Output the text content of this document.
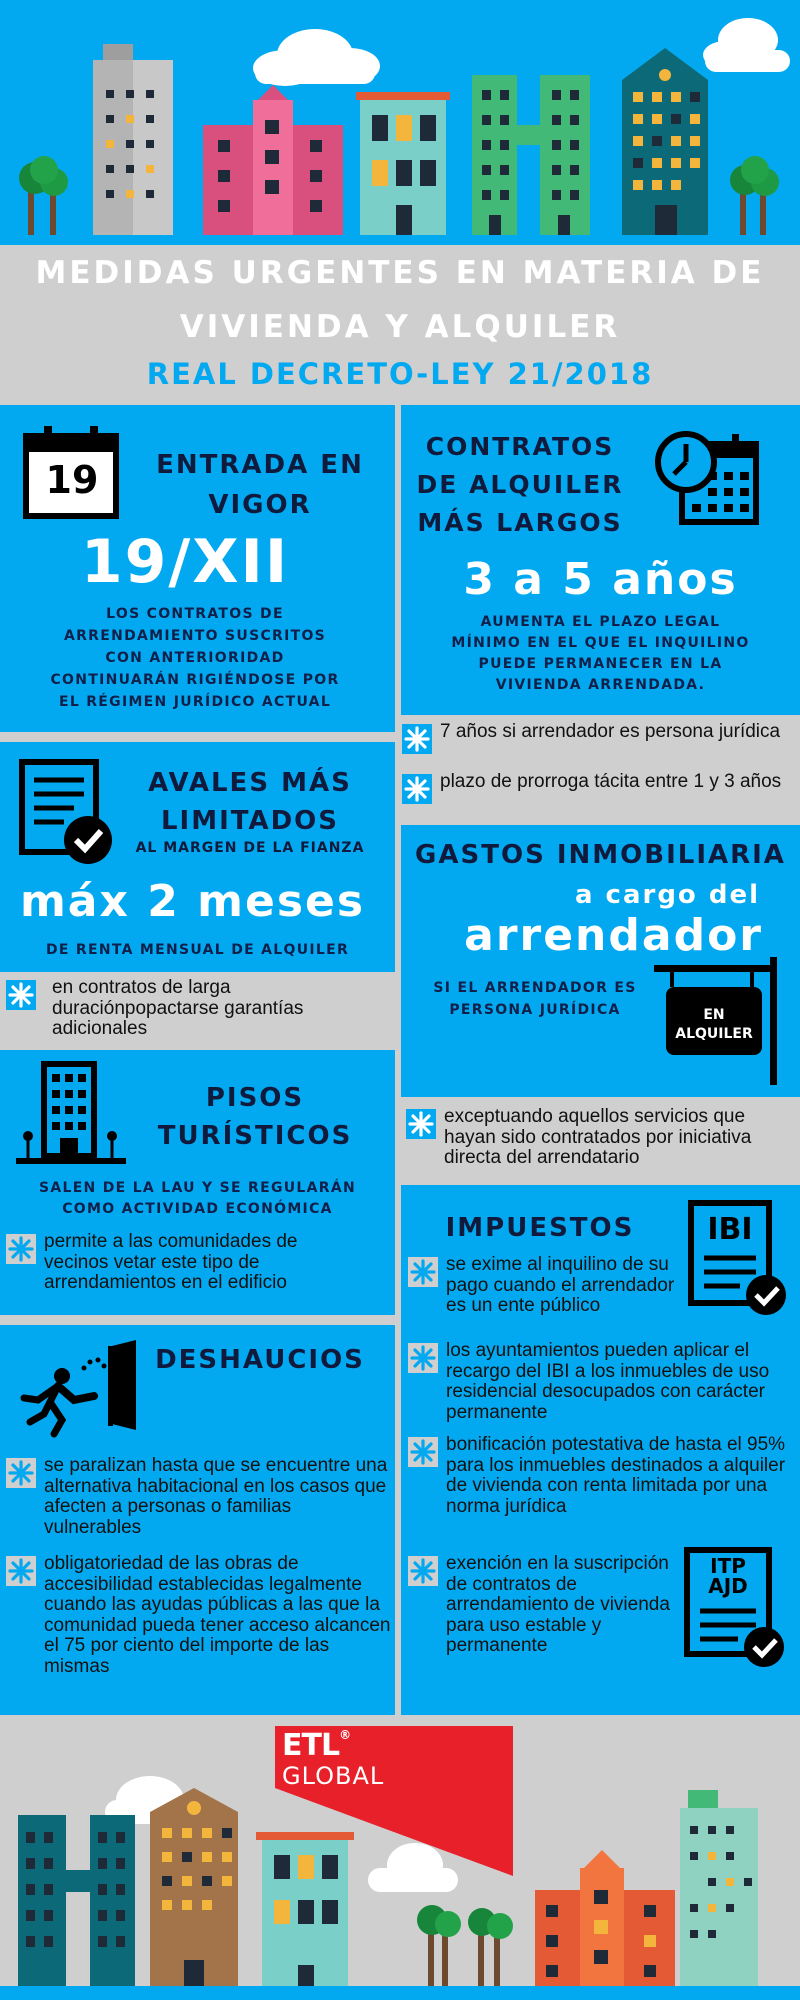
MEDIDAS URGENTES EN MATERIA DE
VIVIENDA Y ALQUILER
REAL DECRETO-LEY 21/2018
19	ENTRADA EN
VIGOR
19/XII
LOS CONTRATOS DE
ARRENDAMIENTO SUSCRITOS
CON ANTERIORIDAD
CONTINUARÁN RIGIÉNDOSE POR
EL RÉGIMEN JURÍDICO ACTUAL
CONTRATOS
DE ALQUILER
MÁS LARGOS
3 a 5 años
AUMENTA EL PLAZO LEGAL
MÍNIMO EN EL QUE EL INQUILINO
PUEDE PERMANECER EN LA
VIVIENDA ARRENDADA.
7 años si arrendador es persona jurídica
plazo de prorroga tácita entre 1 y 3 años
AVALES MÁS
LIMITADOS
AL MARGEN DE LA FIANZA
máx 2 meses
DE RENTA MENSUAL DE ALQUILER
en contratos de larga duraciónpopactarse garantías adicionales
GASTOS INMOBILIARIA
a cargo del
arrendador
SI EL ARRENDADOR ES
PERSONA JURÍDICA	EN
ALQUILER
exceptuando aquellos servicios que hayan sido contratados por iniciativa directa del arrendatario
PISOS
TURÍSTICOS
SALEN DE LA LAU Y SE REGULARÁN
COMO ACTIVIDAD ECONÓMICA
permite a las comunidades de vecinos vetar este tipo de arrendamientos en el edificio
IMPUESTOS	IBI
se exime al inquilino de su pago cuando el arrendador es un ente público
los ayuntamientos pueden aplicar el recargo del IBI a los inmuebles de uso residencial desocupados con carácter permanente
bonificación potestativa de hasta el 95% para los inmuebles destinados a alquiler de vivienda con renta limitada por una norma jurídica
exención en la suscripción de contratos de arrendamiento de vivienda para uso estable y permanente
ITP
AJD
DESHAUCIOS
se paralizan hasta que se encuentre una alternativa habitacional en los casos que afecten a personas o familias vulnerables
obligatoriedad de las obras de accesibilidad establecidas legalmente cuando las ayudas públicas a las que la comunidad pueda tener acceso alcancen el 75 por ciento del importe de las mismas
ETL®
GLOBAL
